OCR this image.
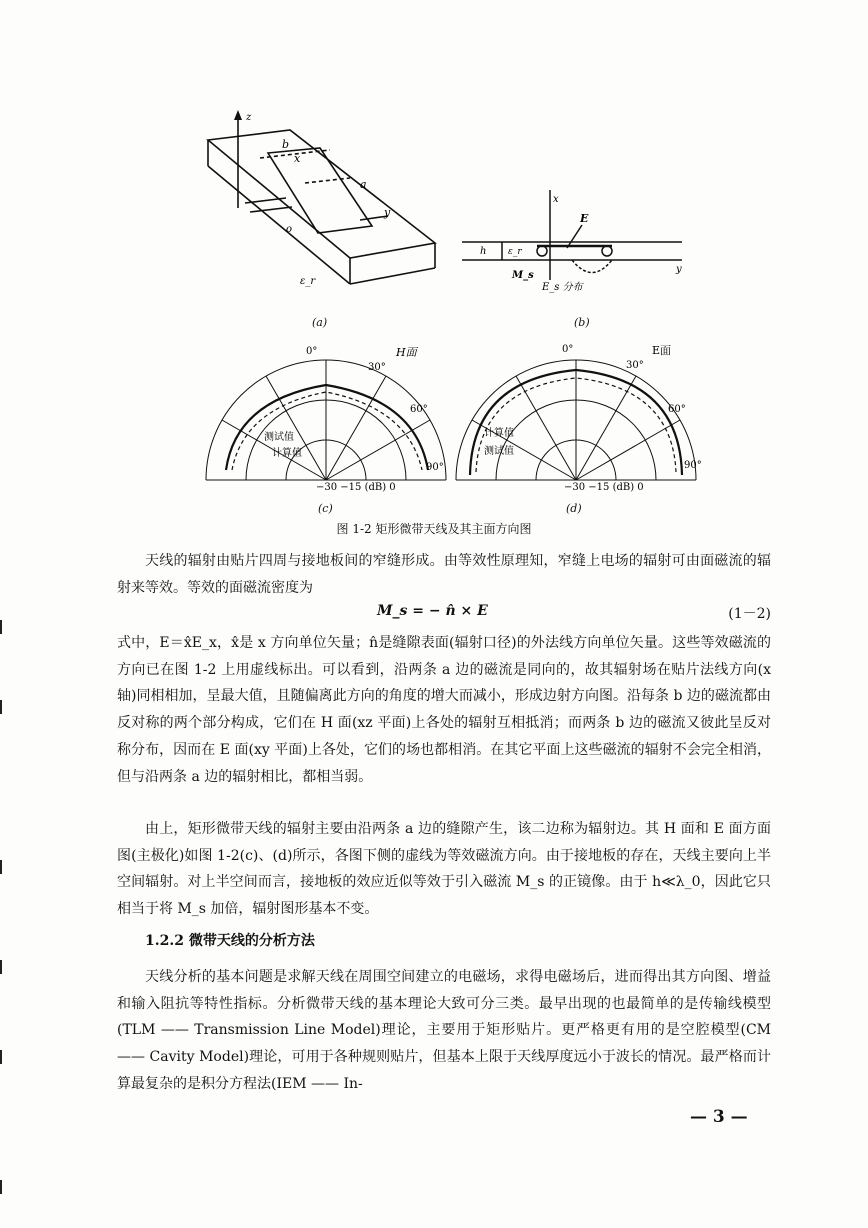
z
b
x
a
y
o
ε_r
(a)
x
E
h ε_r
M_s
y
E_s 分布
(b)
0°	H面
30°
60°
90°
测试值
计算值
−30 −15 (dB) 0
(c)
0°	E面
30°
60°
90°
计算值
测试值
−30 −15 (dB) 0
(d)
图 1-2 矩形微带天线及其主面方向图

天线的辐射由贴片四周与接地板间的窄缝形成。由等效性原理知，窄缝上电场的辐射可由面磁流的辐射来等效。等效的面磁流密度为

M_s = − n̂ × E	(1－2)

式中，E＝x̂E_x，x̂是 x 方向单位矢量；n̂是缝隙表面(辐射口径)的外法线方向单位矢量。这些等效磁流的方向已在图 1-2 上用虚线标出。可以看到，沿两条 a 边的磁流是同向的，故其辐射场在贴片法线方向(x 轴)同相相加，呈最大值，且随偏离此方向的角度的增大而减小，形成边射方向图。沿每条 b 边的磁流都由反对称的两个部分构成，它们在 H 面(xz 平面)上各处的辐射互相抵消；而两条 b 边的磁流又彼此呈反对称分布，因而在 E 面(xy 平面)上各处，它们的场也都相消。在其它平面上这些磁流的辐射不会完全相消，但与沿两条 a 边的辐射相比，都相当弱。

由上，矩形微带天线的辐射主要由沿两条 a 边的缝隙产生，该二边称为辐射边。其 H 面和 E 面方面图(主极化)如图 1-2(c)、(d)所示，各图下侧的虚线为等效磁流方向。由于接地板的存在，天线主要向上半空间辐射。对上半空间而言，接地板的效应近似等效于引入磁流 M_s 的正镜像。由于 h≪λ_0，因此它只相当于将 M_s 加倍，辐射图形基本不变。

1.2.2 微带天线的分析方法

天线分析的基本问题是求解天线在周围空间建立的电磁场，求得电磁场后，进而得出其方向图、增益和输入阻抗等特性指标。分析微带天线的基本理论大致可分三类。最早出现的也最简单的是传输线模型(TLM —— Transmission Line Model)理论，主要用于矩形贴片。更严格更有用的是空腔模型(CM —— Cavity Model)理论，可用于各种规则贴片，但基本上限于天线厚度远小于波长的情况。最严格而计算最复杂的是积分方程法(IEM —— In-

— 3 —
